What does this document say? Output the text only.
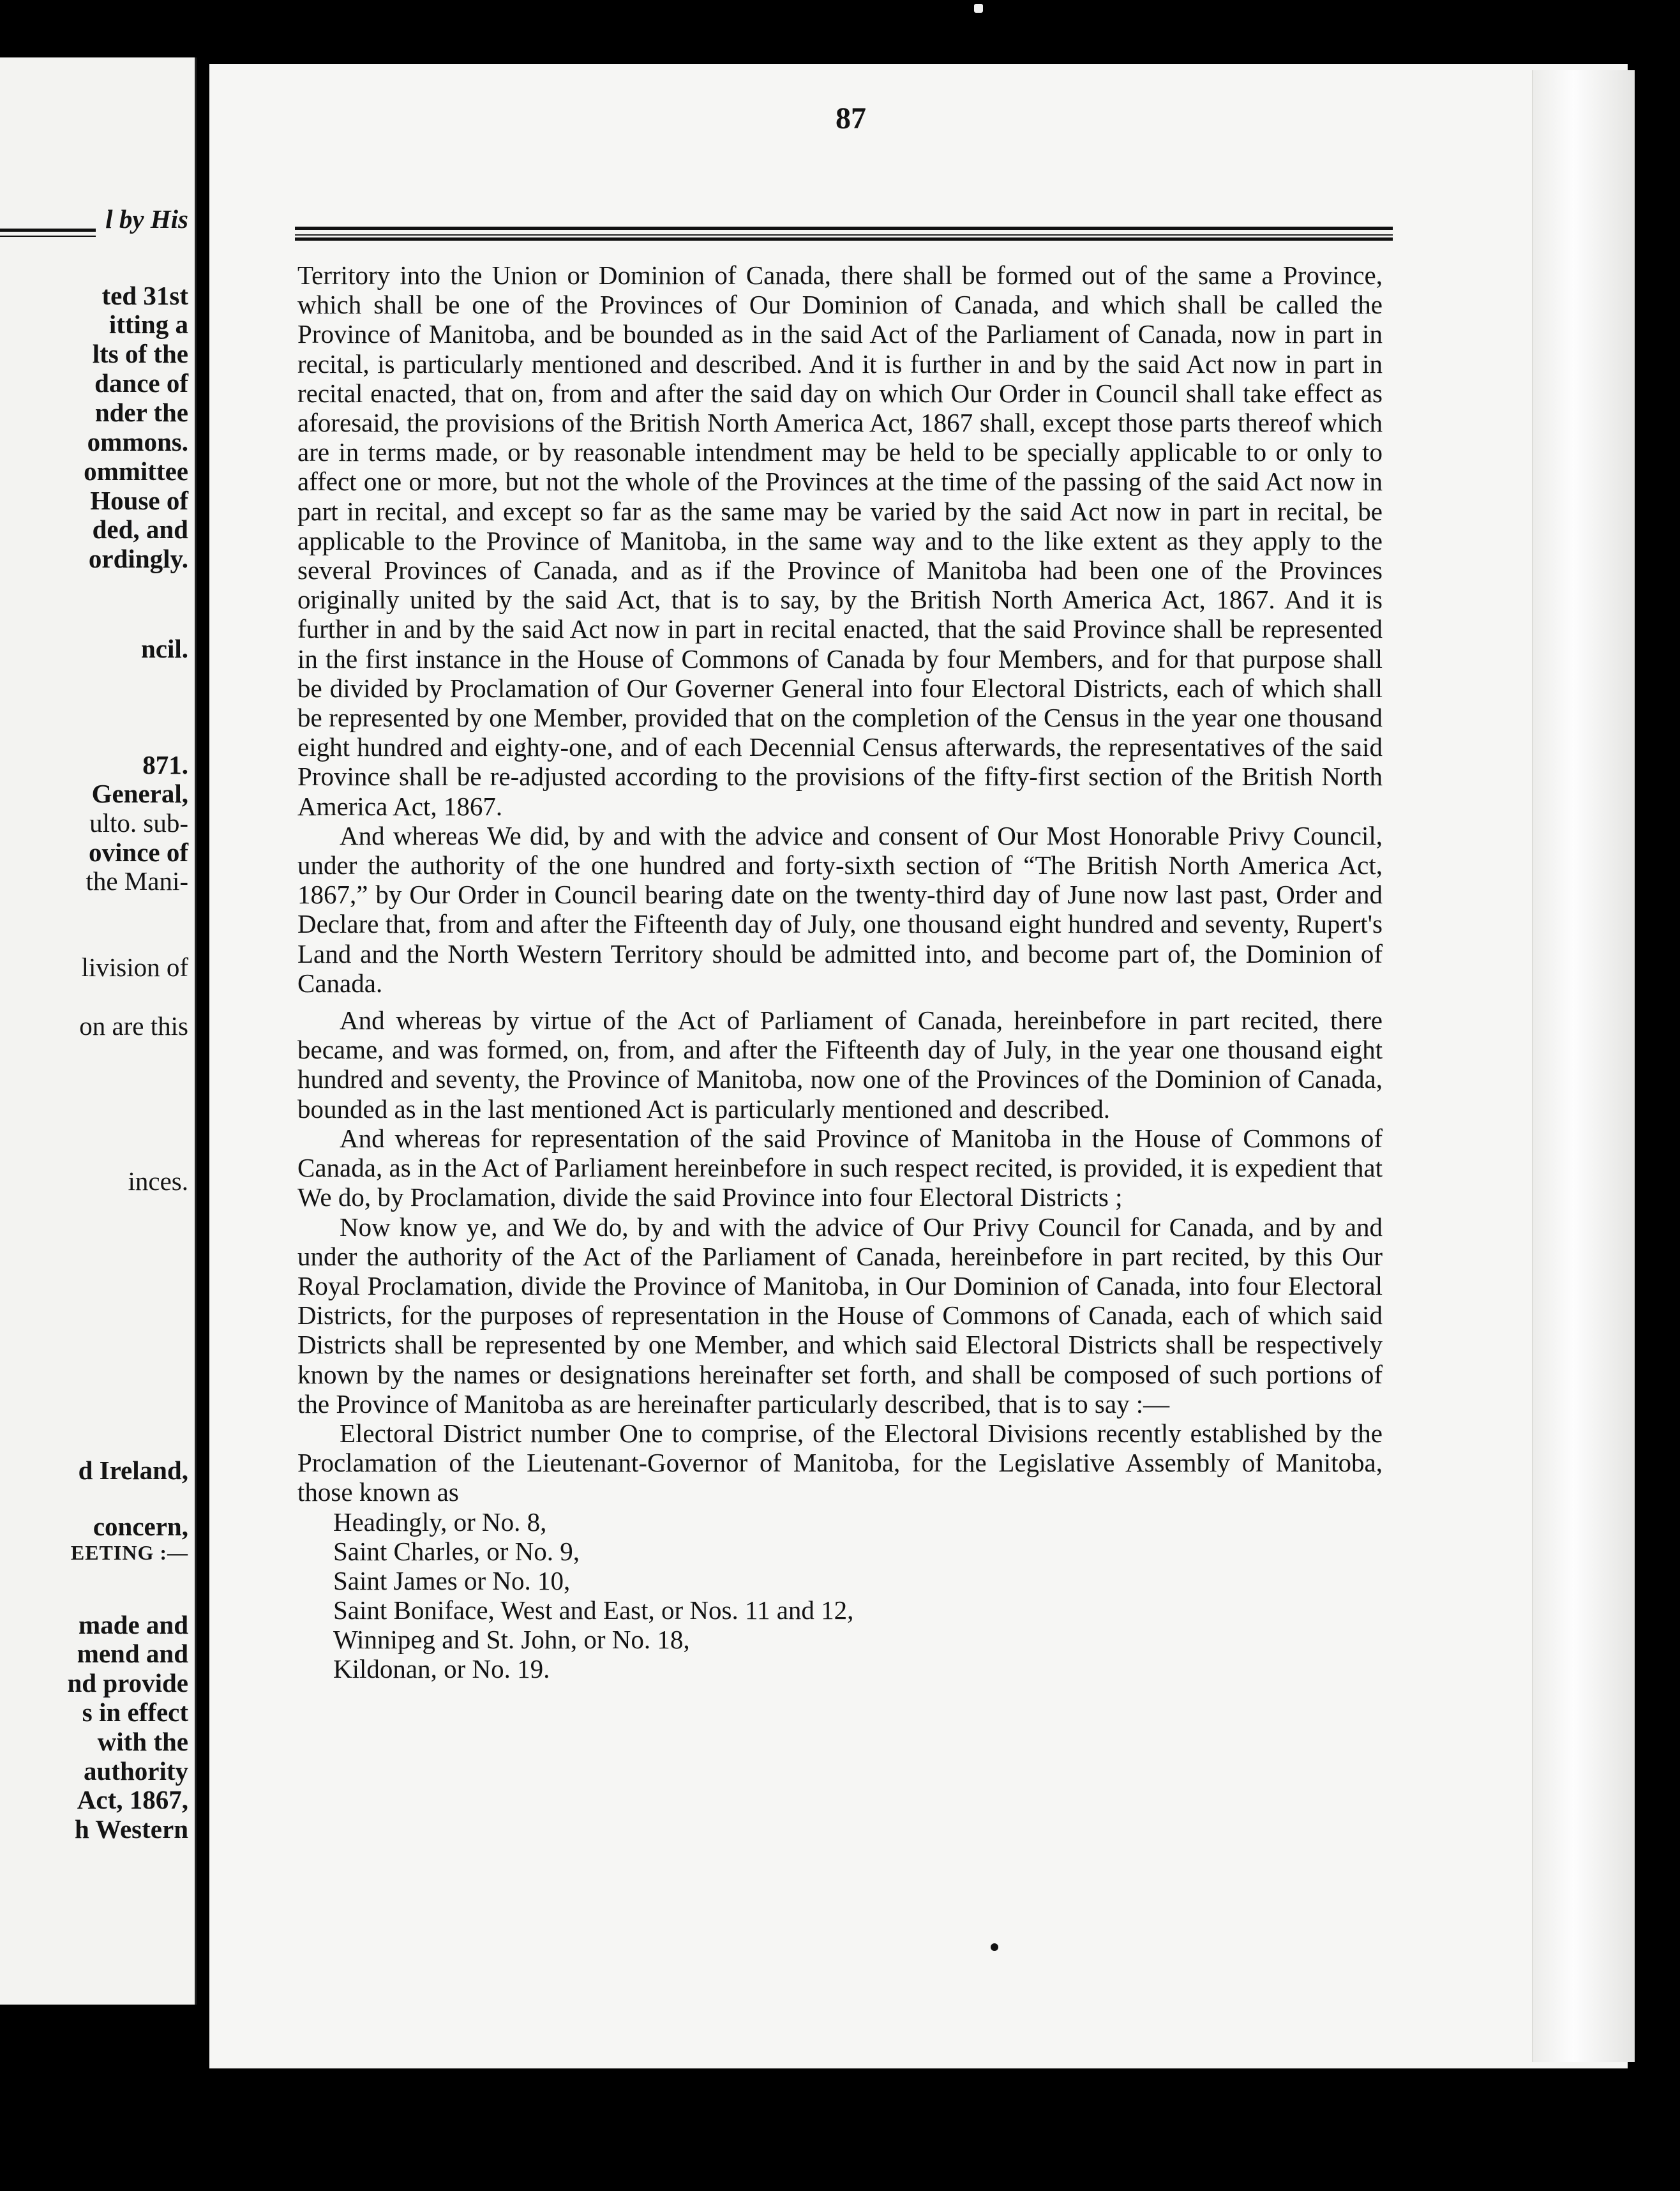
l by His
ted 31st
itting a
lts of the
dance of
nder the
ommons.
ommittee
House of
ded, and
ordingly.
ncil.
871.
General,
ulto. sub-
ovince of
the Mani-
livision of
on are this
inces.
d Ireland,
concern,
EETING :—
made and
mend and
nd provide
s in effect
with the
authority
Act, 1867,
h Western
87

Territory into the Union or Dominion of Canada, there shall be formed out of the same a Province, which shall be one of the Provinces of Our Dominion of Canada, and which shall be called the Province of Manitoba, and be bounded as in the said Act of the Parliament of Canada, now in part in recital, is particularly mentioned and described. And it is further in and by the said Act now in part in recital enacted, that on, from and after the said day on which Our Order in Council shall take effect as aforesaid, the provisions of the British North America Act, 1867 shall, except those parts thereof which are in terms made, or by reasonable intendment may be held to be specially applicable to or only to affect one or more, but not the whole of the Provinces at the time of the passing of the said Act now in part in recital, and except so far as the same may be varied by the said Act now in part in recital, be applicable to the Province of Manitoba, in the same way and to the like extent as they apply to the several Provinces of Canada, and as if the Province of Manitoba had been one of the Provinces originally united by the said Act, that is to say, by the British North America Act, 1867. And it is further in and by the said Act now in part in recital enacted, that the said Province shall be represented in the first instance in the House of Commons of Canada by four Members, and for that purpose shall be divided by Proclamation of Our Governer General into four Electoral Districts, each of which shall be represented by one Member, provided that on the completion of the Census in the year one thousand eight hundred and eighty-one, and of each Decennial Census afterwards, the representatives of the said Province shall be re-adjusted according to the provisions of the fifty-first section of the British North America Act, 1867.

And whereas We did, by and with the advice and consent of Our Most Honorable Privy Council, under the authority of the one hundred and forty-sixth section of “The British North America Act, 1867,” by Our Order in Council bearing date on the twenty-third day of June now last past, Order and Declare that, from and after the Fifteenth day of July, one thousand eight hundred and seventy, Rupert's Land and the North Western Territory should be admitted into, and become part of, the Dominion of Canada.

And whereas by virtue of the Act of Parliament of Canada, hereinbefore in part recited, there became, and was formed, on, from, and after the Fifteenth day of July, in the year one thousand eight hundred and seventy, the Province of Manitoba, now one of the Provinces of the Dominion of Canada, bounded as in the last mentioned Act is particularly mentioned and described.

And whereas for representation of the said Province of Manitoba in the House of Commons of Canada, as in the Act of Parliament hereinbefore in such respect recited, is provided, it is expedient that We do, by Proclamation, divide the said Province into four Electoral Districts ;

Now know ye, and We do, by and with the advice of Our Privy Council for Canada, and by and under the authority of the Act of the Parliament of Canada, hereinbefore in part recited, by this Our Royal Proclamation, divide the Province of Manitoba, in Our Dominion of Canada, into four Electoral Districts, for the purposes of representation in the House of Commons of Canada, each of which said Districts shall be represented by one Member, and which said Electoral Districts shall be respectively known by the names or designations hereinafter set forth, and shall be composed of such portions of the Province of Manitoba as are hereinafter particularly described, that is to say :—

Electoral District number One to comprise, of the Electoral Divisions recently established by the Proclamation of the Lieutenant-Governor of Manitoba, for the Legislative Assembly of Manitoba, those known as

Headingly, or No. 8,
Saint Charles, or No. 9,
Saint James or No. 10,
Saint Boniface, West and East, or Nos. 11 and 12,
Winnipeg and St. John, or No. 18,
Kildonan, or No. 19.
